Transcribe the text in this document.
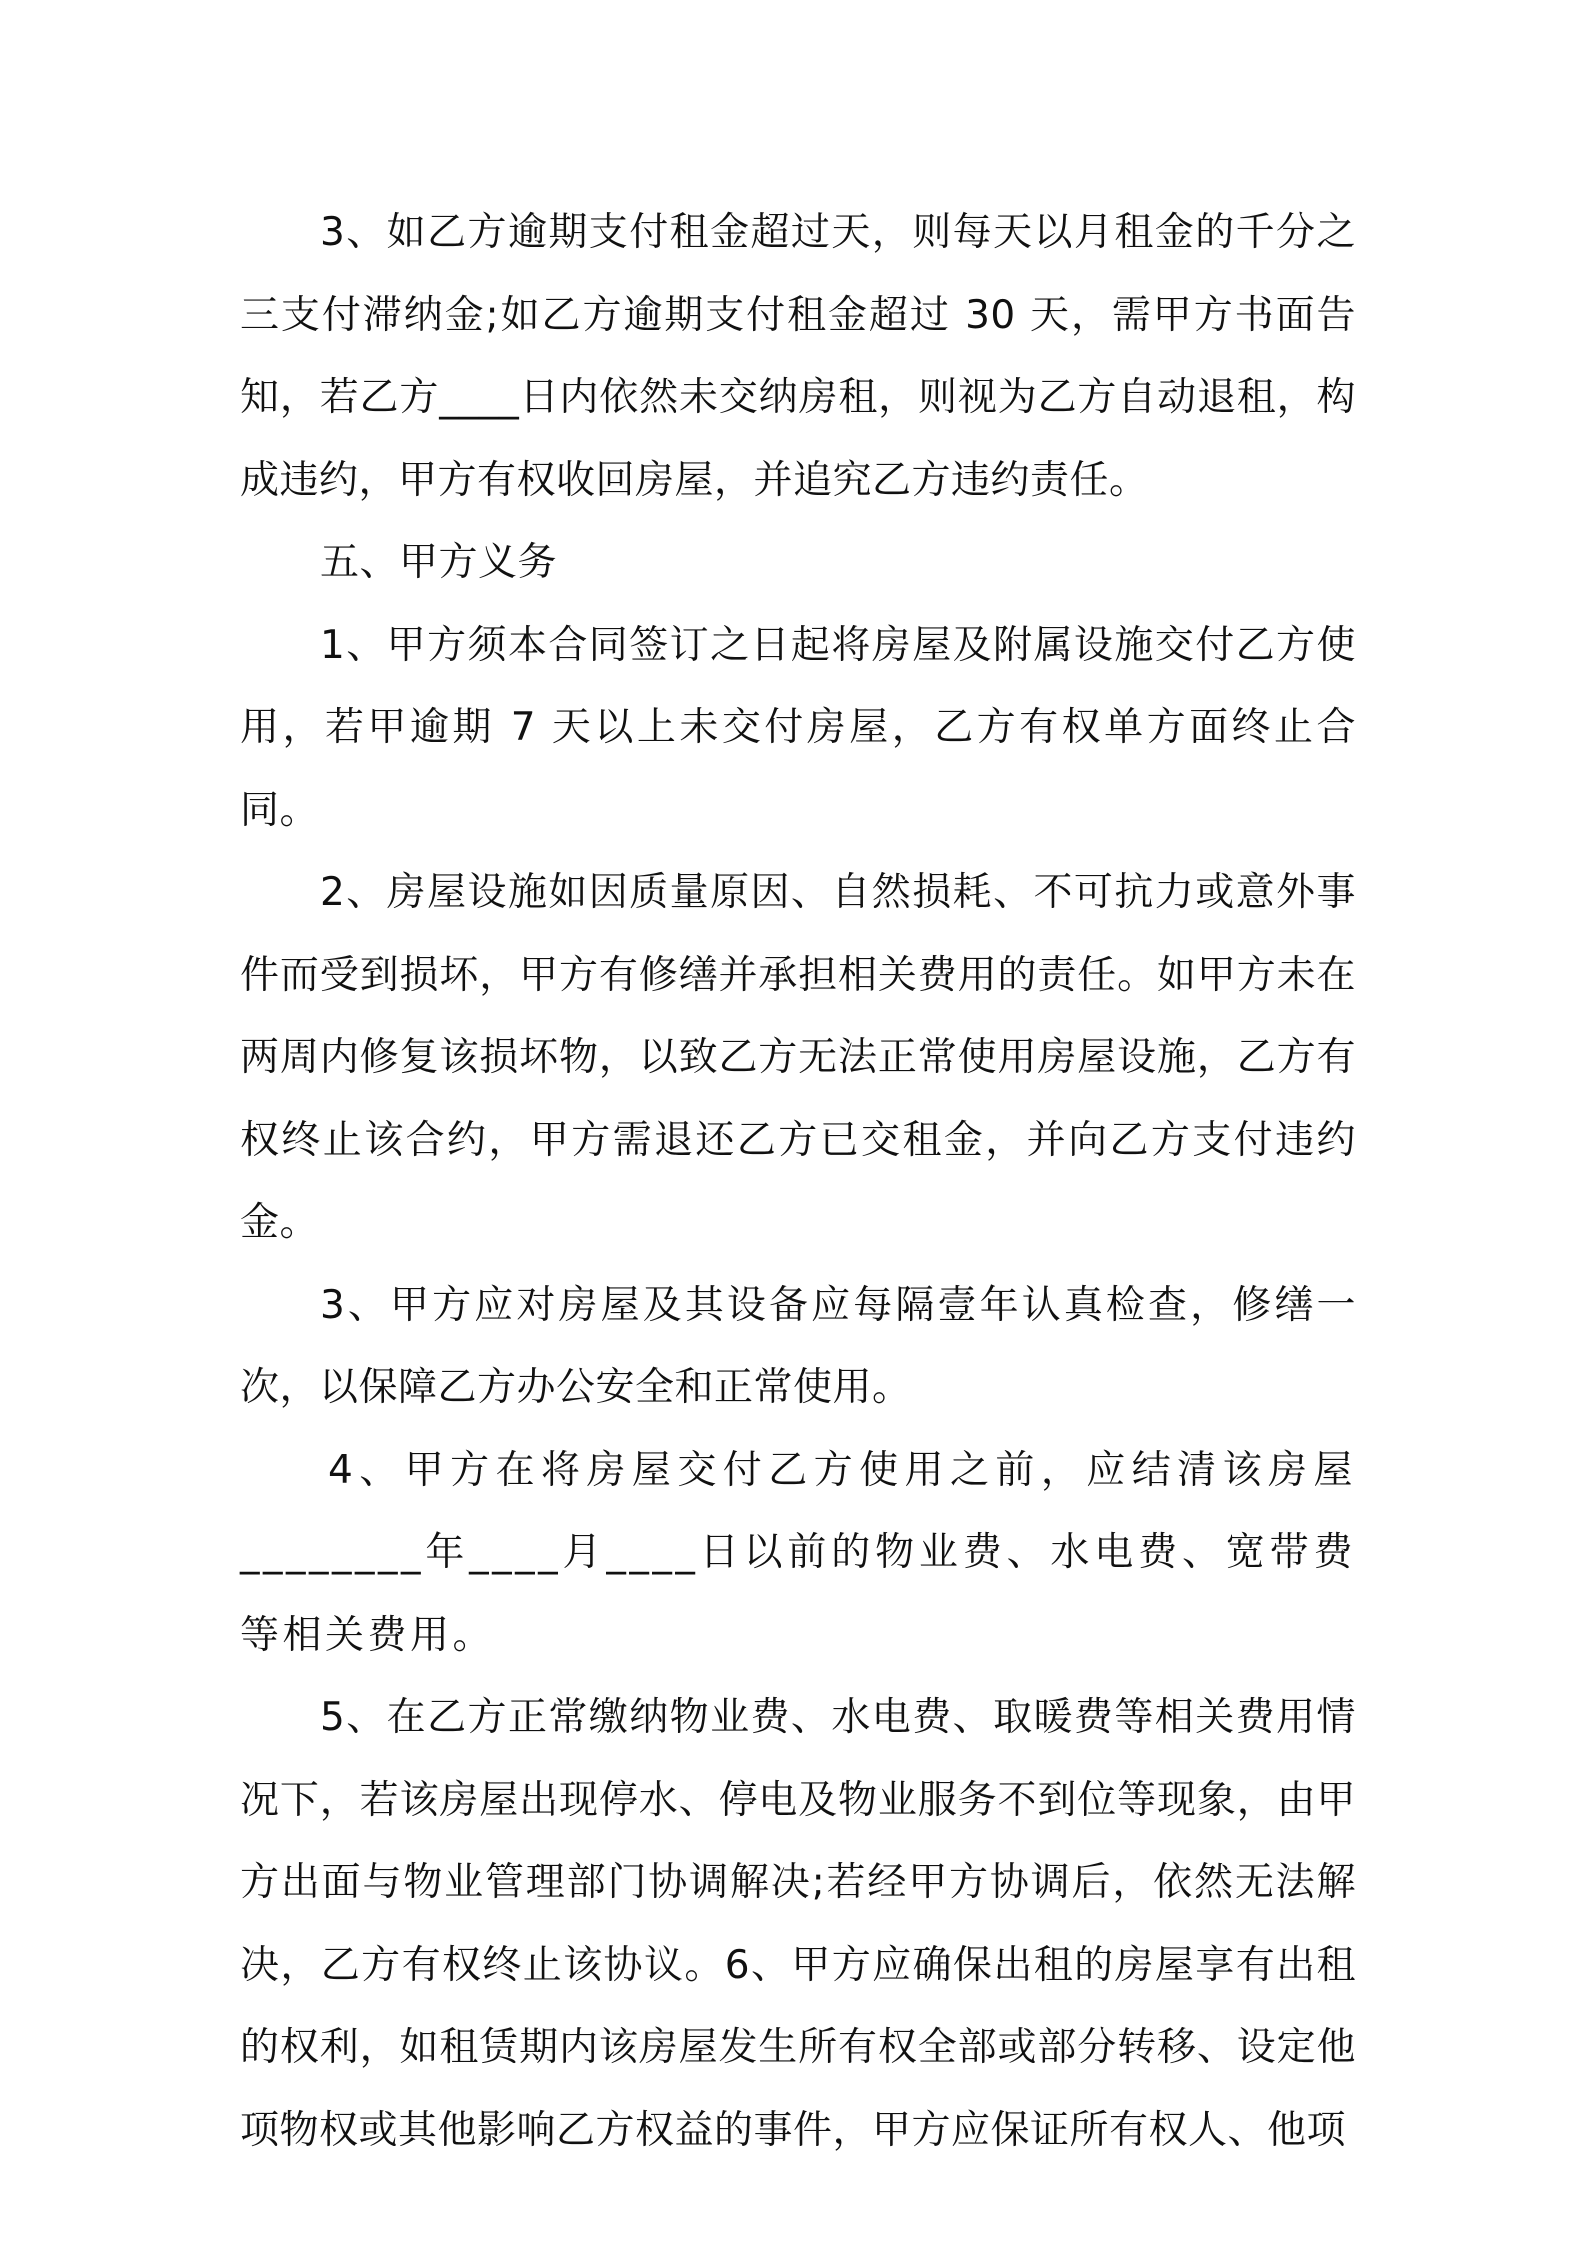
3、如乙方逾期支付租金超过天，则每天以月租金的千分之三支付滞纳金;如乙方逾期支付租金超过 30 天，需甲方书面告知，若乙方____日内依然未交纳房租，则视为乙方自动退租，构成违约，甲方有权收回房屋，并追究乙方违约责任。

五、甲方义务

1、甲方须本合同签订之日起将房屋及附属设施交付乙方使用，若甲逾期 7 天以上未交付房屋，乙方有权单方面终止合同。

2、房屋设施如因质量原因、自然损耗、不可抗力或意外事件而受到损坏，甲方有修缮并承担相关费用的责任。如甲方未在两周内修复该损坏物，以致乙方无法正常使用房屋设施，乙方有权终止该合约，甲方需退还乙方已交租金，并向乙方支付违约金。

3、甲方应对房屋及其设备应每隔壹年认真检查，修缮一次，以保障乙方办公安全和正常使用。

4、甲方在将房屋交付乙方使用之前，应结清该房屋________年____月____日以前的物业费、水电费、宽带费等相关费用。

5、在乙方正常缴纳物业费、水电费、取暖费等相关费用情况下，若该房屋出现停水、停电及物业服务不到位等现象，由甲方出面与物业管理部门协调解决;若经甲方协调后，依然无法解决，乙方有权终止该协议。6、甲方应确保出租的房屋享有出租的权利，如租赁期内该房屋发生所有权全部或部分转移、设定他项物权或其他影响乙方权益的事件，甲方应保证所有权人、他项
